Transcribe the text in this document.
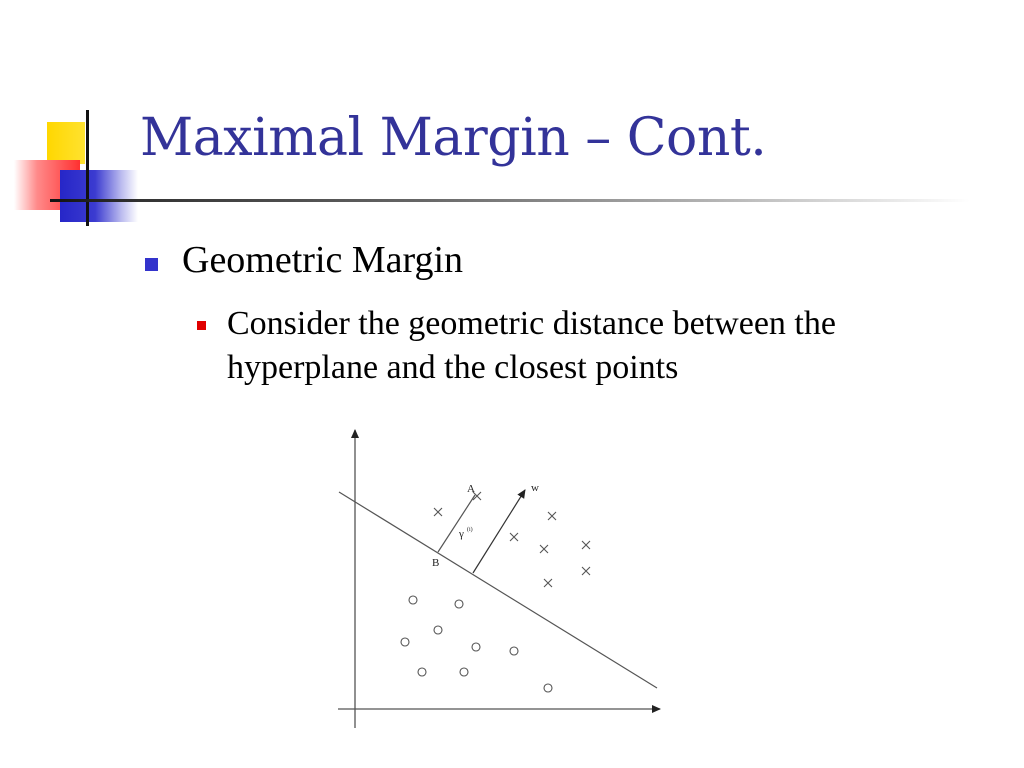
Maximal Margin – Cont.
Geometric Margin
Consider the geometric distance between the hyperplane and the closest points
A
B
w
γ (i)
